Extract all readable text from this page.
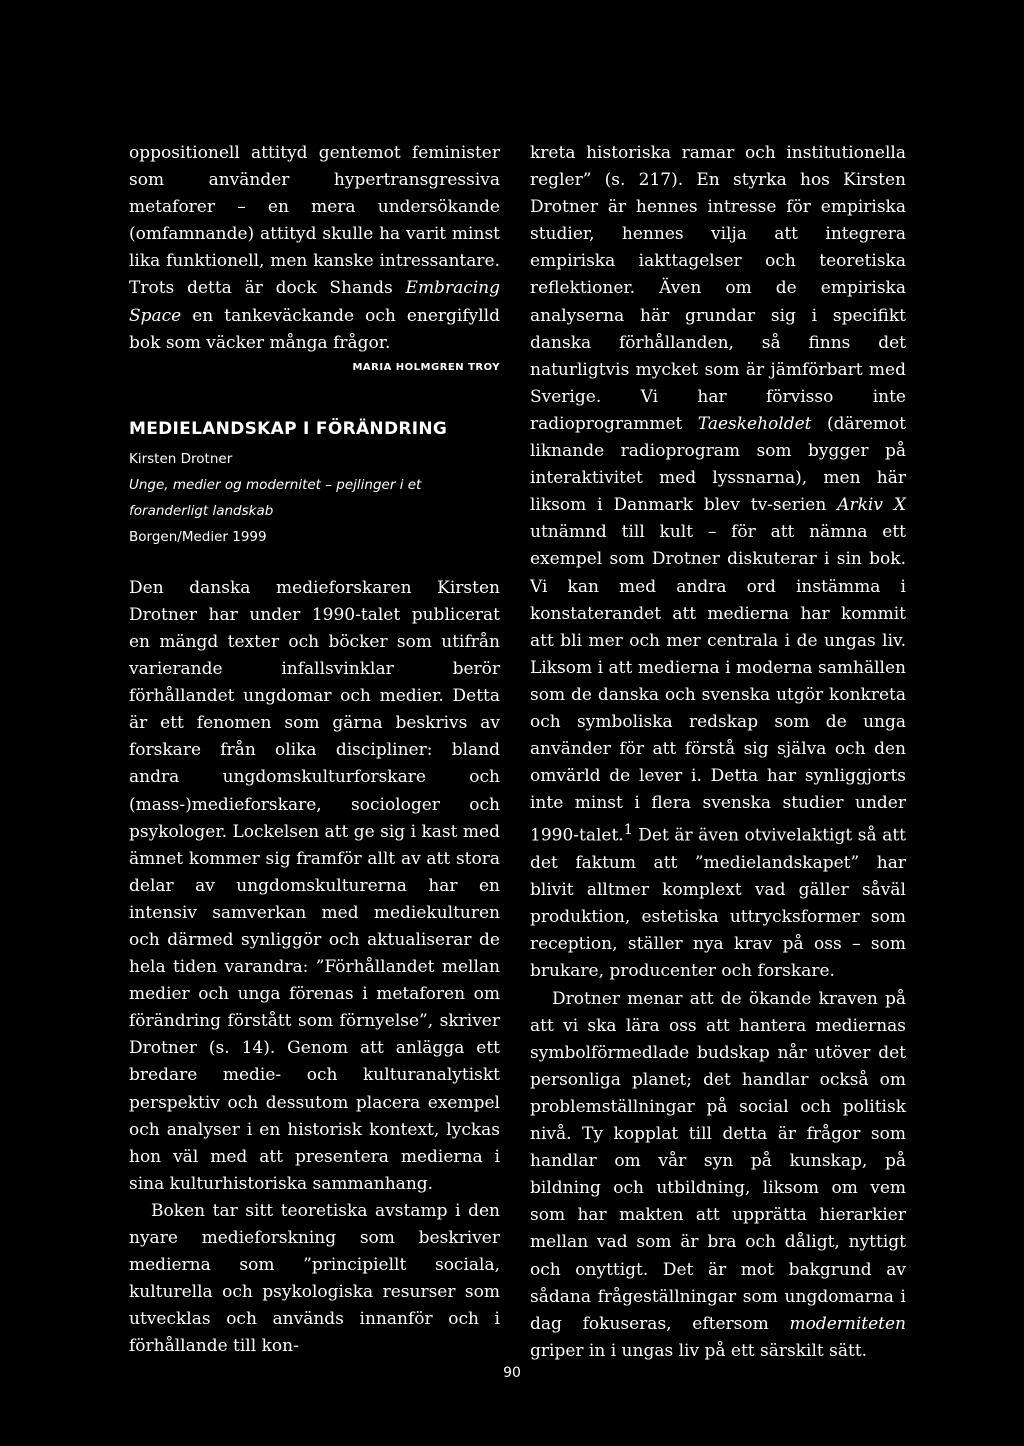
oppositionell attityd gentemot feminister som använder hypertransgressiva metaforer – en mera undersökande (omfamnande) attityd skulle ha varit minst lika funktionell, men kanske intressantare. Trots detta är dock Shands Embracing Space en tankeväckande och energifylld bok som väcker många frågor.

MARIA HOLMGREN TROY
MEDIELANDSKAP I FÖRÄNDRING
Kirsten Drotner
Unge, medier og modernitet – pejlinger i et foranderligt landskab
Borgen/Medier 1999

Den danska medieforskaren Kirsten Drotner har under 1990-talet publicerat en mängd texter och böcker som utifrån varierande infallsvinklar berör förhållandet ungdomar och medier. Detta är ett fenomen som gärna beskrivs av forskare från olika discipliner: bland andra ungdomskulturforskare och (mass-)medieforskare, sociologer och psykologer. Lockelsen att ge sig i kast med ämnet kommer sig framför allt av att stora delar av ungdomskulturerna har en intensiv samverkan med mediekulturen och därmed synliggör och aktualiserar de hela tiden varandra: ”Förhållandet mellan medier och unga förenas i metaforen om förändring förstått som förnyelse”, skriver Drotner (s. 14). Genom att anlägga ett bredare medie- och kulturanalytiskt perspektiv och dessutom placera exempel och analyser i en historisk kontext, lyckas hon väl med att presentera medierna i sina kulturhistoriska sammanhang.

Boken tar sitt teoretiska avstamp i den nyare medieforskning som beskriver medierna som ”principiellt sociala, kulturella och psykologiska resurser som utvecklas och används innanför och i förhållande till kon-

kreta historiska ramar och institutionella regler” (s. 217). En styrka hos Kirsten Drotner är hennes intresse för empiriska studier, hennes vilja att integrera empiriska iakttagelser och teoretiska reflektioner. Även om de empiriska analyserna här grundar sig i specifikt danska förhållanden, så finns det naturligtvis mycket som är jämförbart med Sverige. Vi har förvisso inte radioprogrammet Taeskeholdet (däremot liknande radioprogram som bygger på interaktivitet med lyssnarna), men här liksom i Danmark blev tv-serien Arkiv X utnämnd till kult – för att nämna ett exempel som Drotner diskuterar i sin bok. Vi kan med andra ord instämma i konstaterandet att medierna har kommit att bli mer och mer centrala i de ungas liv. Liksom i att medierna i moderna samhällen som de danska och svenska utgör konkreta och symboliska redskap som de unga använder för att förstå sig själva och den omvärld de lever i. Detta har synliggjorts inte minst i flera svenska studier under 1990-talet.$^1$ Det är även otvivelaktigt så att det faktum att ”medielandskapet” har blivit alltmer komplext vad gäller såväl produktion, estetiska uttrycksformer som reception, ställer nya krav på oss – som brukare, producenter och forskare.

Drotner menar att de ökande kraven på att vi ska lära oss att hantera mediernas symbolförmedlade budskap når utöver det personliga planet; det handlar också om problemställningar på social och politisk nivå. Ty kopplat till detta är frågor som handlar om vår syn på kunskap, på bildning och utbildning, liksom om vem som har makten att upprätta hierarkier mellan vad som är bra och dåligt, nyttigt och onyttigt. Det är mot bakgrund av sådana frågeställningar som ungdomarna i dag fokuseras, eftersom moderniteten griper in i ungas liv på ett särskilt sätt.

90
